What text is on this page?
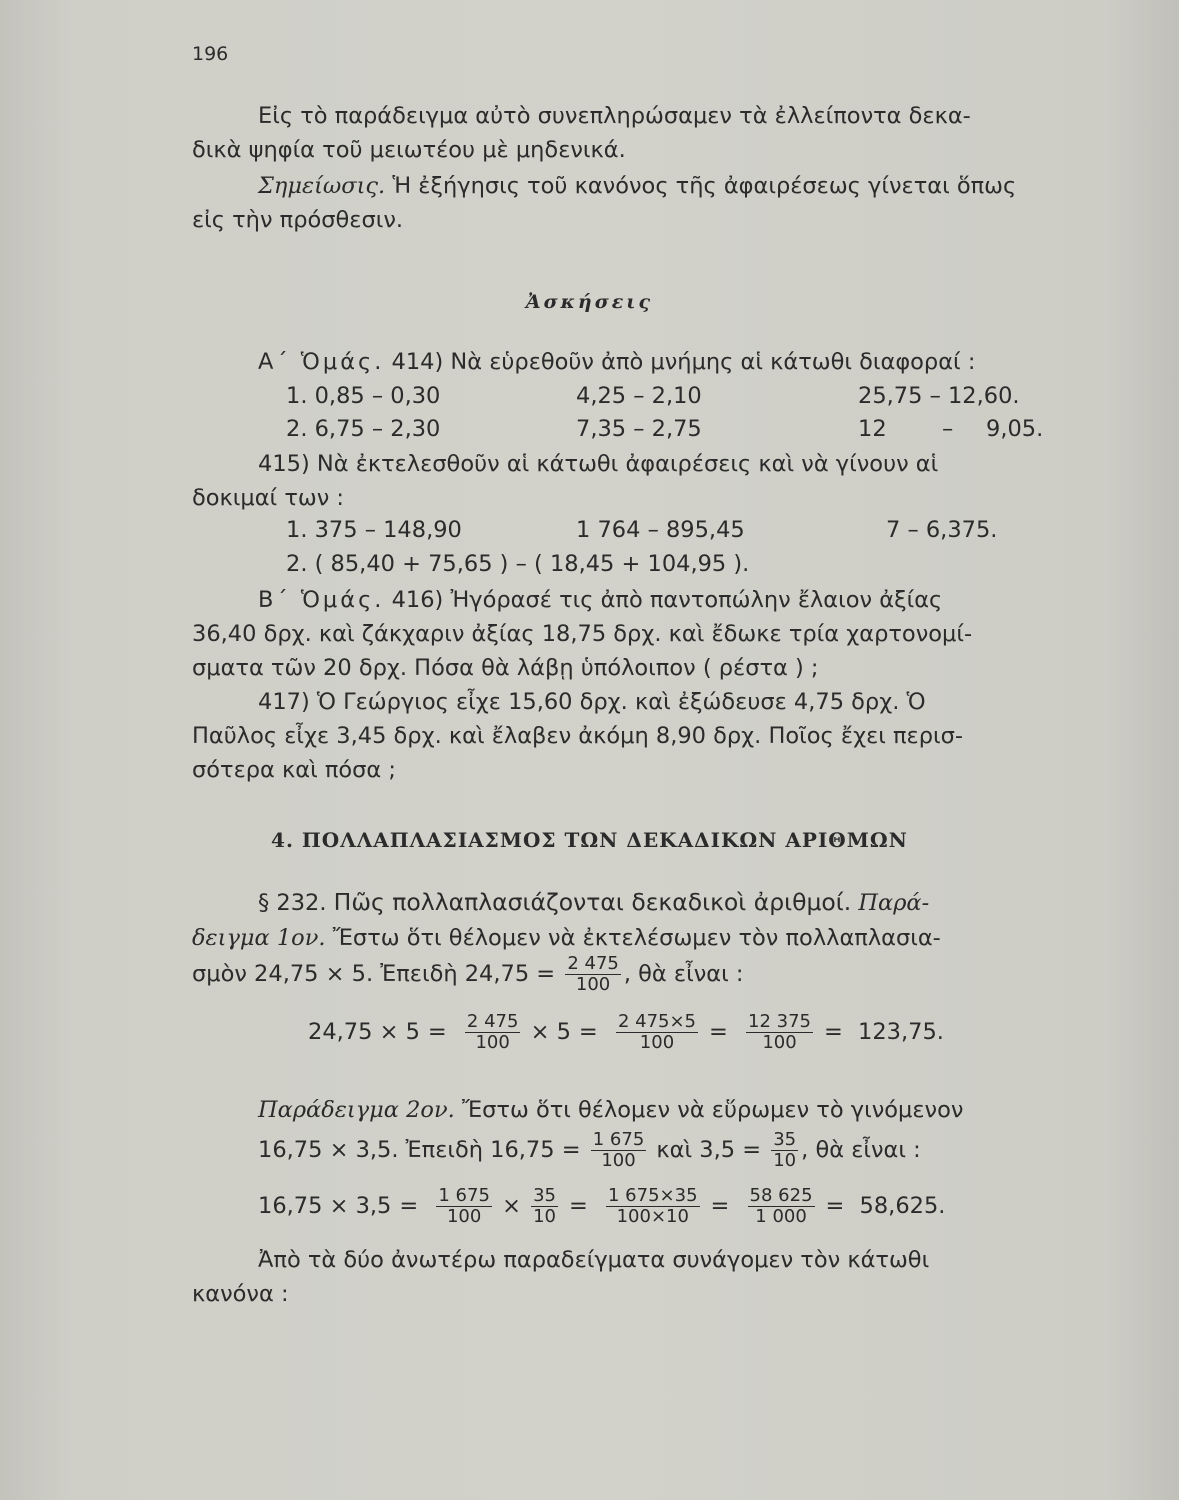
196
Εἰς τὸ παράδειγμα αὐτὸ συνεπληρώσαμεν τὰ ἐλλείποντα δεκα-
δικὰ ψηφία τοῦ μειωτέου μὲ μηδενικά.
Σημείωσις. Ἡ ἐξήγησις τοῦ κανόνος τῆς ἀφαιρέσεως γίνεται ὅπως
εἰς τὴν πρόσθεσιν.
Ἀσκήσεις
Α΄ Ὁμάς. 414) Νὰ εὑρεθοῦν ἀπὸ μνήμης αἱ κάτωθι διαφοραί :
1. 0,85 – 0,30	4,25 – 2,10	25,75 – 12,60.
2. 6,75 – 2,30	7,35 – 2,75	12 – 9,05.
415) Νὰ ἐκτελεσθοῦν αἱ κάτωθι ἀφαιρέσεις καὶ νὰ γίνουν αἱ
δοκιμαί των :
1. 375 – 148,90	1 764 – 895,45	7 – 6,375.
2. ( 85,40 + 75,65 ) – ( 18,45 + 104,95 ).
Β΄ Ὁμάς. 416) Ἠγόρασέ τις ἀπὸ παντοπώλην ἔλαιον ἀξίας
36,40 δρχ. καὶ ζάκχαριν ἀξίας 18,75 δρχ. καὶ ἔδωκε τρία χαρτονομί-
σματα τῶν 20 δρχ. Πόσα θὰ λάβῃ ὑπόλοιπον ( ρέστα ) ;
417) Ὁ Γεώργιος εἶχε 15,60 δρχ. καὶ ἐξώδευσε 4,75 δρχ. Ὁ
Παῦλος εἶχε 3,45 δρχ. καὶ ἔλαβεν ἀκόμη 8,90 δρχ. Ποῖος ἔχει περισ-
σότερα καὶ πόσα ;
4. ΠΟΛΛΑΠΛΑΣΙΑΣΜΟΣ ΤΩΝ ΔΕΚΑΔΙΚΩΝ ΑΡΙΘΜΩΝ
§ 232. Πῶς πολλαπλασιάζονται δεκαδικοὶ ἀριθμοί. Παρά-
δειγμα 1ον. Ἔστω ὅτι θέλομεν νὰ ἐκτελέσωμεν τὸν πολλαπλασια-
σμὸν 24,75 × 5. Ἐπειδὴ $24,75 = \frac{2 475}{100}$ , θὰ εἶναι :
$24,75 \times 5 = \frac{2 475}{100} \times 5 = \frac{2 475\times 5}{100} = \frac{12 375}{100} = 123,75$.
Παράδειγμα 2ον. Ἔστω ὅτι θέλομεν νὰ εὕρωμεν τὸ γινόμενον
16,75 × 3,5. Ἐπειδὴ $16,75 = \frac{1 675}{100}$ καὶ $3,5 = \frac{35}{10}$ , θὰ εἶναι :
$16,75 \times 3,5 = \frac{1 675}{100} \times \frac{35}{10} = \frac{1 675\times 35}{100\times 10} = \frac{58 625}{1 000} = 58,625$.
Ἀπὸ τὰ δύο ἀνωτέρω παραδείγματα συνάγομεν τὸν κάτωθι
κανόνα :
